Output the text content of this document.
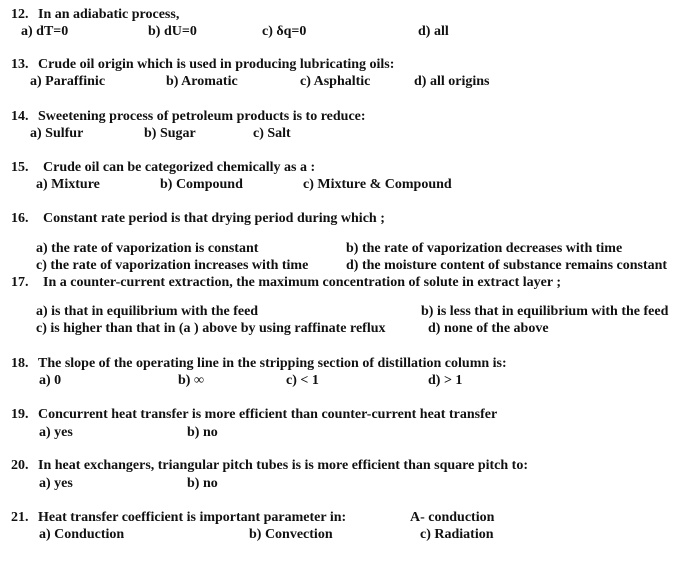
12. In an adiabatic process,
a) dT=0	b) dU=0	c) δq=0	d) all
13. Crude oil origin which is used in producing lubricating oils:
a) Paraffinic	b) Aromatic	c) Asphaltic	d) all origins
14. Sweetening process of petroleum products is to reduce:
a) Sulfur	b) Sugar	c) Salt
15. Crude oil can be categorized chemically as a :
a) Mixture	b) Compound	c) Mixture & Compound
16. Constant rate period is that drying period during which ;
a) the rate of vaporization is constant	b) the rate of vaporization decreases with time
c) the rate of vaporization increases with time	d) the moisture content of substance remains constant
17. In a counter-current extraction, the maximum concentration of solute in extract layer ;
a) is that in equilibrium with the feed	b) is less that in equilibrium with the feed
c) is higher than that in (a ) above by using raffinate reflux	d) none of the above
18. The slope of the operating line in the stripping section of distillation column is:
a) 0	b) ∞	c) < 1	d) > 1
19. Concurrent heat transfer is more efficient than counter-current heat transfer
a) yes	b) no
20. In heat exchangers, triangular pitch tubes is is more efficient than square pitch to:
a) yes	b) no
21. Heat transfer coefficient is important parameter in:	A- conduction
a) Conduction	b) Convection	c) Radiation
